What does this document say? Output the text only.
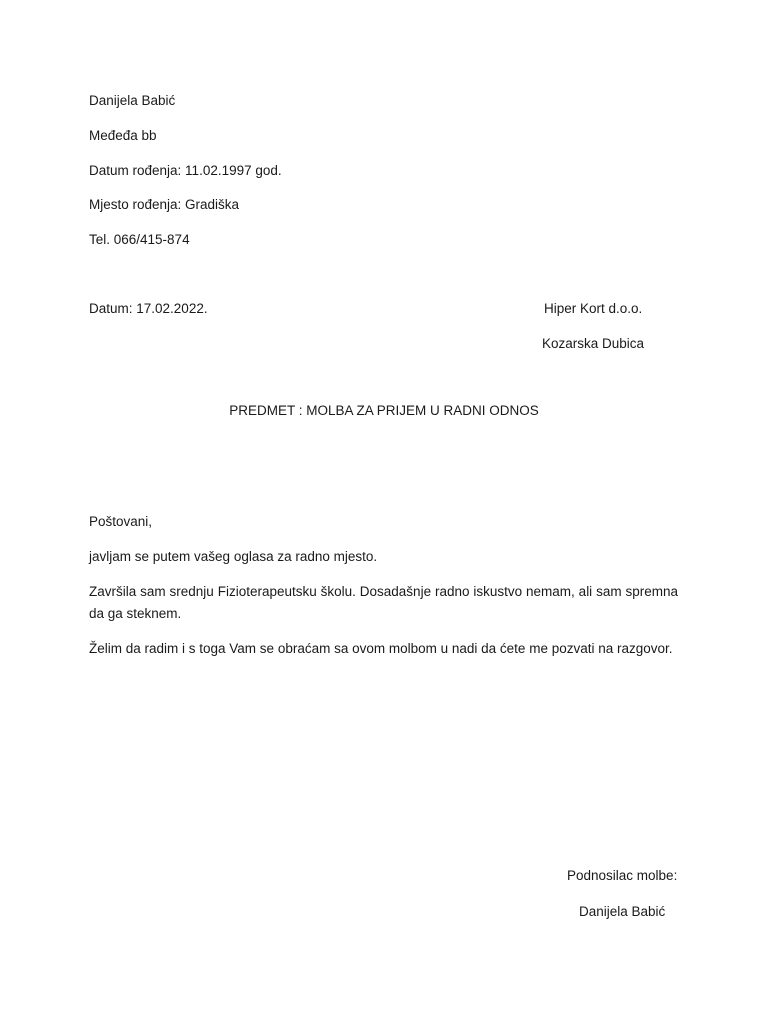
Danijela Babić
Međeđa bb
Datum rođenja: 11.02.1997 god.
Mjesto rođenja: Gradiška
Tel. 066/415-874
Datum: 17.02.2022.	Hiper Kort d.o.o.
Kozarska Dubica
PREDMET : MOLBA ZA PRIJEM U RADNI ODNOS
Poštovani,
javljam se putem vašeg oglasa za radno mjesto.
Završila sam srednju Fizioterapeutsku školu. Dosadašnje radno iskustvo nemam, ali sam spremna da ga steknem.
Želim da radim i s toga Vam se obraćam sa ovom molbom u nadi da ćete me pozvati na razgovor.
Podnosilac molbe:
Danijela Babić
